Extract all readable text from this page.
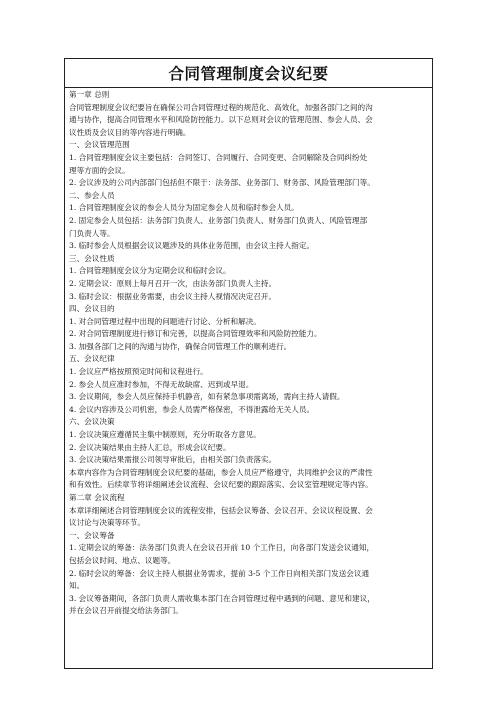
合同管理制度会议纪要
第一章 总则
合同管理制度会议纪要旨在确保公司合同管理过程的规范化、高效化，加强各部门之间的沟
通与协作，提高合同管理水平和风险防控能力。以下总则对会议的管理范围、参会人员、会
议性质及会议目的等内容进行明确。
一、会议管理范围
1. 合同管理制度会议主要包括：合同签订、合同履行、合同变更、合同解除及合同纠纷处
理等方面的会议。
2. 会议涉及的公司内部部门包括但不限于：法务部、业务部门、财务部、风险管理部门等。
二、参会人员
1. 合同管理制度会议的参会人员分为固定参会人员和临时参会人员。
2. 固定参会人员包括：法务部门负责人、业务部门负责人、财务部门负责人、风险管理部
门负责人等。
3. 临时参会人员根据会议议题涉及的具体业务范围，由会议主持人指定。
三、会议性质
1. 合同管理制度会议分为定期会议和临时会议。
2. 定期会议：原则上每月召开一次，由法务部门负责人主持。
3. 临时会议：根据业务需要，由会议主持人视情况决定召开。
四、会议目的
1. 对合同管理过程中出现的问题进行讨论、分析和解决。
2. 对合同管理制度进行修订和完善，以提高合同管理效率和风险防控能力。
3. 加强各部门之间的沟通与协作，确保合同管理工作的顺利进行。
五、会议纪律
1. 会议应严格按照预定时间和议程进行。
2. 参会人员应准时参加，不得无故缺席、迟到或早退。
3. 会议期间，参会人员应保持手机静音，如有紧急事项需离场，需向主持人请假。
4. 会议内容涉及公司机密，参会人员需严格保密，不得泄露给无关人员。
六、会议决策
1. 会议决策应遵循民主集中制原则，充分听取各方意见。
2. 会议决策结果由主持人汇总，形成会议纪要。
3. 会议决策结果需报公司领导审批后，由相关部门负责落实。
本章内容作为合同管理制度会议纪要的基础，参会人员应严格遵守，共同维护会议的严肃性
和有效性。后续章节将详细阐述会议流程、会议纪要的跟踪落实、会议室管理规定等内容。
第二章 会议流程
本章详细阐述合同管理制度会议的流程安排，包括会议筹备、会议召开、会议议程设置、会
议讨论与决策等环节。
一、会议筹备
1. 定期会议的筹备：法务部门负责人在会议召开前 10 个工作日，向各部门发送会议通知，
包括会议时间、地点、议题等。
2. 临时会议的筹备：会议主持人根据业务需求，提前 3-5 个工作日向相关部门发送会议通
知。
3. 会议筹备期间，各部门负责人需收集本部门在合同管理过程中遇到的问题、意见和建议，
并在会议召开前提交给法务部门。
